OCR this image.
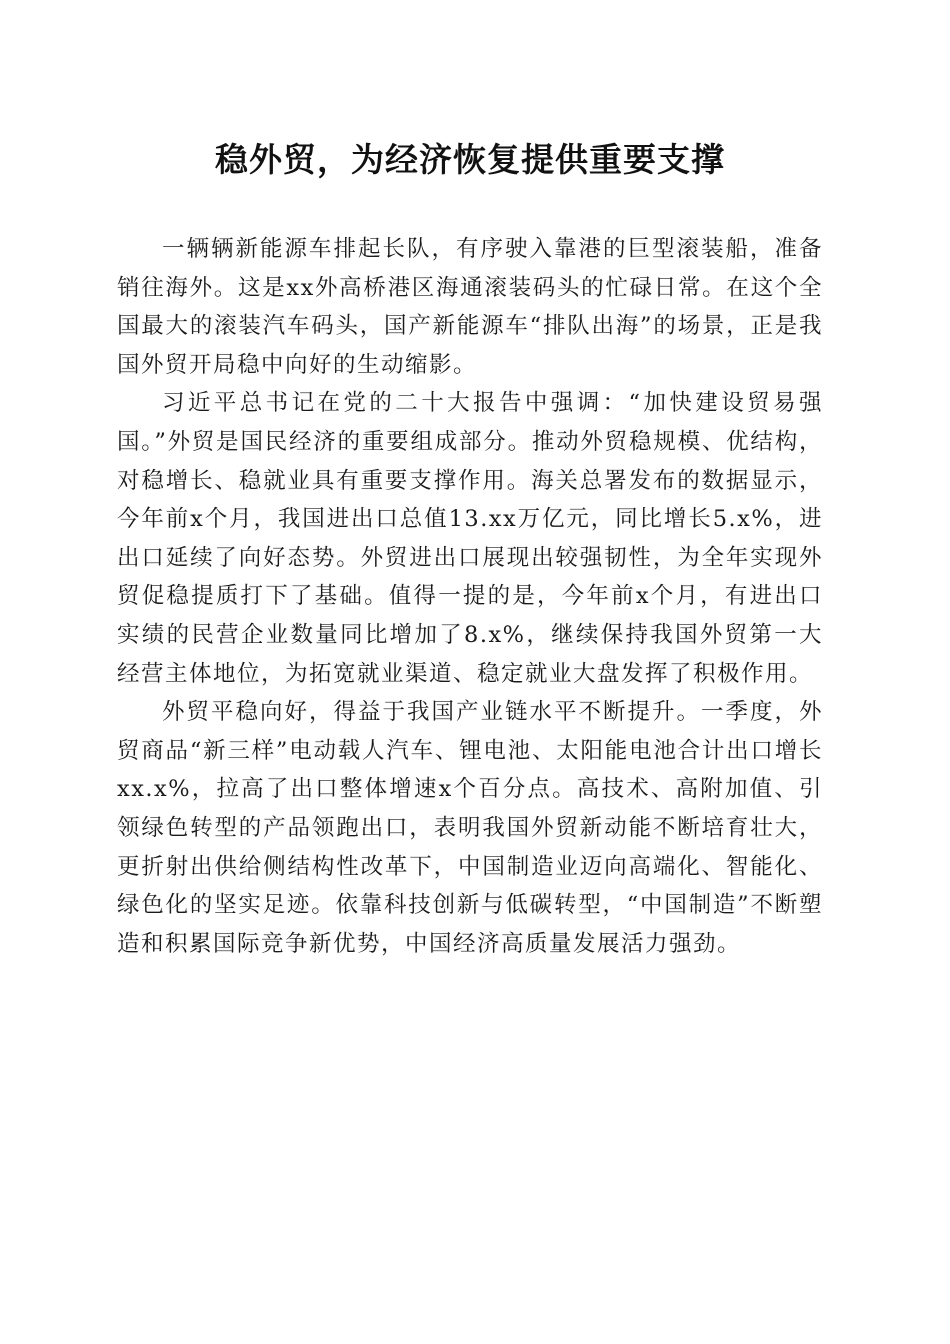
稳外贸，为经济恢复提供重要支撑

一辆辆新能源车排起长队，有序驶入靠港的巨型滚装船，准备销往海外。这是xx外高桥港区海通滚装码头的忙碌日常。在这个全国最大的滚装汽车码头，国产新能源车“排队出海”的场景，正是我国外贸开局稳中向好的生动缩影。

习近平总书记在党的二十大报告中强调：“加快建设贸易强国。”外贸是国民经济的重要组成部分。推动外贸稳规模、优结构，对稳增长、稳就业具有重要支撑作用。海关总署发布的数据显示，今年前x个月，我国进出口总值13.xx万亿元，同比增长5.x%，进出口延续了向好态势。外贸进出口展现出较强韧性，为全年实现外贸促稳提质打下了基础。值得一提的是，今年前x个月，有进出口实绩的民营企业数量同比增加了8.x%，继续保持我国外贸第一大经营主体地位，为拓宽就业渠道、稳定就业大盘发挥了积极作用。

外贸平稳向好，得益于我国产业链水平不断提升。一季度，外贸商品“新三样”电动载人汽车、锂电池、太阳能电池合计出口增长xx.x%，拉高了出口整体增速x个百分点。高技术、高附加值、引领绿色转型的产品领跑出口，表明我国外贸新动能不断培育壮大，更折射出供给侧结构性改革下，中国制造业迈向高端化、智能化、绿色化的坚实足迹。依靠科技创新与低碳转型，“中国制造”不断塑造和积累国际竞争新优势，中国经济高质量发展活力强劲。
